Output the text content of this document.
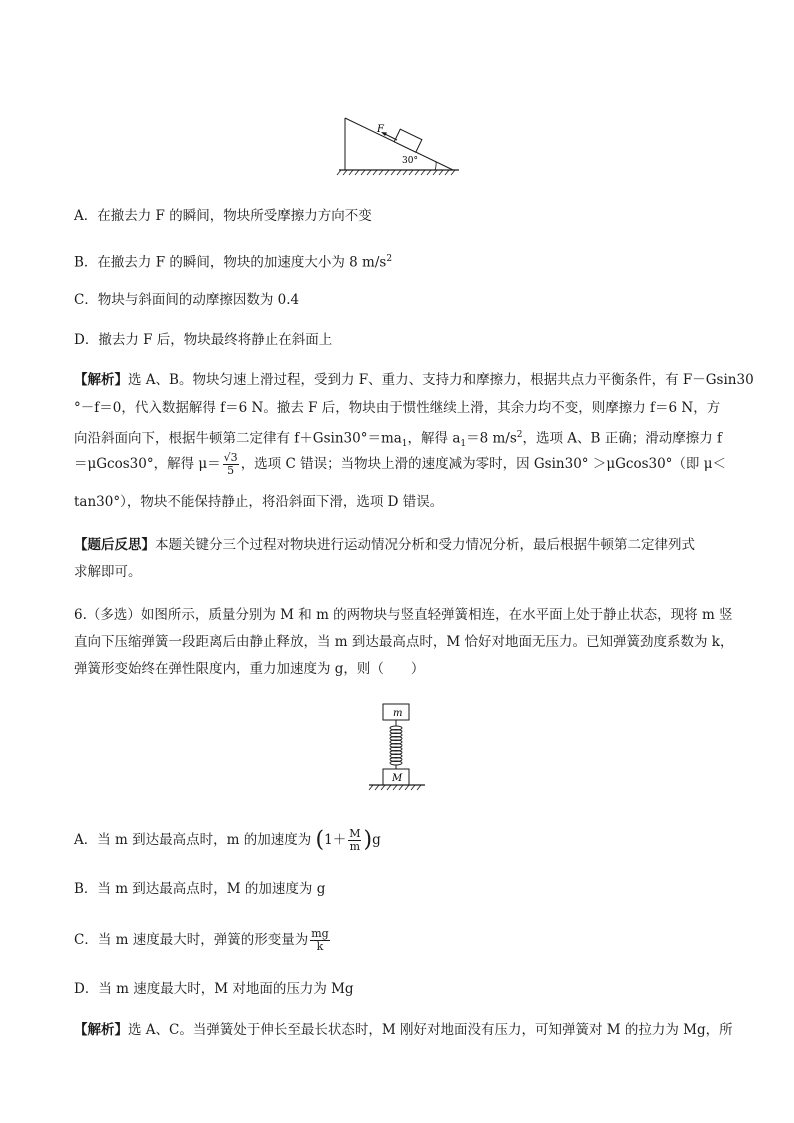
F
30°
A．在撤去力 F 的瞬间，物块所受摩擦力方向不变
B．在撤去力 F 的瞬间，物块的加速度大小为 8 $m/s^2$
C．物块与斜面间的动摩擦因数为 0.4
D．撤去力 F 后，物块最终将静止在斜面上
【解析】选 A、B。物块匀速上滑过程，受到力 F、重力、支持力和摩擦力，根据共点力平衡条件，有 F－Gsin30
°－f＝0，代入数据解得 f＝6 N。撤去 F 后，物块由于惯性继续上滑，其余力均不变，则摩擦力 f＝6 N，方
向沿斜面向下，根据牛顿第二定律有 $f+Gsin30^\circ=ma_1$，解得 $a_1=8$ $m/s^2$，选项 A、B 正确；滑动摩擦力 f
＝μGcos30°，解得 $\mu= \frac{√3}{5}$ ，选项 C 错误；当物块上滑的速度减为零时，因 Gsin30° ＞μGcos30°（即 μ＜
tan30°），物块不能保持静止，将沿斜面下滑，选项 D 错误。
【题后反思】本题关键分三个过程对物块进行运动情况分析和受力情况分析，最后根据牛顿第二定律列式
求解即可。
6.（多选）如图所示，质量分别为 M 和 m 的两物块与竖直轻弹簧相连，在水平面上处于静止状态，现将 m 竖
直向下压缩弹簧一段距离后由静止释放，当 m 到达最高点时，M 恰好对地面无压力。已知弹簧劲度系数为 k，
弹簧形变始终在弹性限度内，重力加速度为 g，则（　　）
m
M
A．当 m 到达最高点时，m 的加速度为 $(1+ \frac{M}{m} )g$
B．当 m 到达最高点时，M 的加速度为 g
C．当 m 速度最大时，弹簧的形变量为 $\frac{mg}{k}$
D．当 m 速度最大时，M 对地面的压力为 Mg
【解析】选 A、C。当弹簧处于伸长至最长状态时，M 刚好对地面没有压力，可知弹簧对 M 的拉力为 Mg，所
